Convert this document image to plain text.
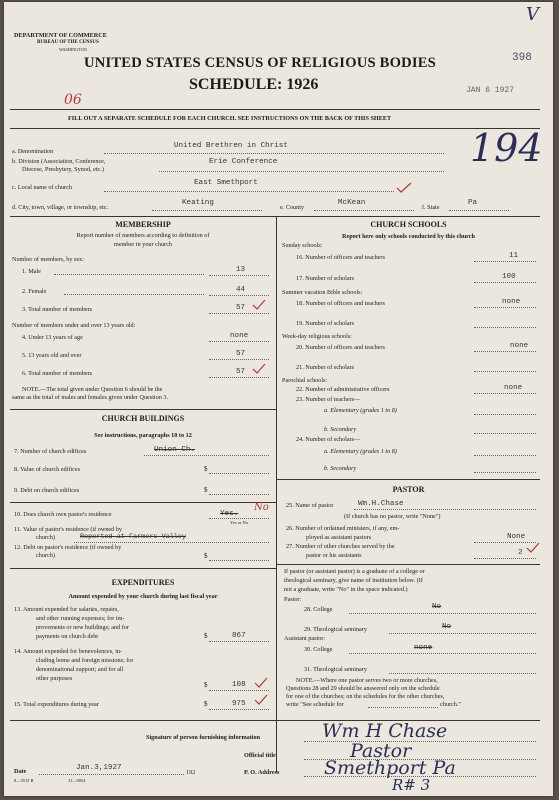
DEPARTMENT OF COMMERCE
BUREAU OF THE CENSUS
WASHINGTON
UNITED STATES CENSUS OF RELIGIOUS BODIES
SCHEDULE: 1926
06
JAN 6 1927
398
V
FILL OUT A SEPARATE SCHEDULE FOR EACH CHURCH. SEE INSTRUCTIONS ON THE BACK OF THIS SHEET
a. Denomination
United Brethren in Christ
b. Division (Association, Conference,
Diocese, Presbytery, Synod, etc.)
Erie Conference	194
c. Local name of church
East Smethport
d. City, town, village, or township, etc.
Keating
e. County
McKean
f. State
Pa
MEMBERSHIP
Report number of members according to definition of
member in your church
Number of members, by sex:
1. Male	13
2. Female	44
3. Total number of members	57
Number of members under and over 13 years old:
4. Under 13 years of age	none
5. 13 years old and over	57
6. Total number of members	57
NOTE.—The total given under Question 6 should be the
same as the total of males and females given under Question 3.
CHURCH BUILDINGS
See instructions, paragraphs 10 to 12
7. Number of church edifices	Union Ch.
8. Value of church edifices	$
9. Debt on church edifices	$
10. Does church own pastor's residence	Yes.
No
Yes or No
11. Value of pastor's residence (if owned by
church)	Reported at Farmers Valley
12. Debt on pastor's residence (if owned by
church)	$
EXPENDITURES
Amount expended by your church during last fiscal year
13. Amount expended for salaries, repairs,
and other running expenses; for im-
provements or new buildings; and for
payments on church debt	$	867
14. Amount expended for benevolences, in-
cluding home and foreign missions; for
denominational support; and for all
other purposes
$	108
15. Total expenditures during year	$	975
CHURCH SCHOOLS
Report here only schools conducted by this church
Sunday schools:
16. Number of officers and teachers	11
17. Number of scholars	100
Summer vacation Bible schools:
18. Number of officers and teachers	none
19. Number of scholars
Week-day religious schools:
20. Number of officers and teachers	none
21. Number of scholars
Parochial schools:
22. Number of administrative officers	none
23. Number of teachers—
a. Elementary (grades 1 to 8)
b. Secondary
24. Number of scholars—
a. Elementary (grades 1 to 8)
b. Secondary
PASTOR
25. Name of pastor	Wm.H.Chase
(If church has no pastor, write "None")
26. Number of ordained ministers, if any, em-
ployed as assistant pastors	None
27. Number of other churches served by the
pastor or his assistants	2
If pastor (or assistant pastor) is a graduate of a college or
theological seminary, give name of institution below. (If
not a graduate, write "No" in the space indicated.)
Pastor:
28. College	No
29. Theological seminary	No
Assistant pastor:
30. College	none
31. Theological seminary
NOTE.—Where one pastor serves two or more churches,
Questions 28 and 29 should be answered only on the schedule
for one of the churches; on the schedules for the other churches,
write "See schedule for	church."
Signature of person furnishing information	Wm H Chase
Official title	Pastor
Date	Jan.3,1927
192
8—5515 B	11—9054
P. O. Address Smethport Pa
R# 3
